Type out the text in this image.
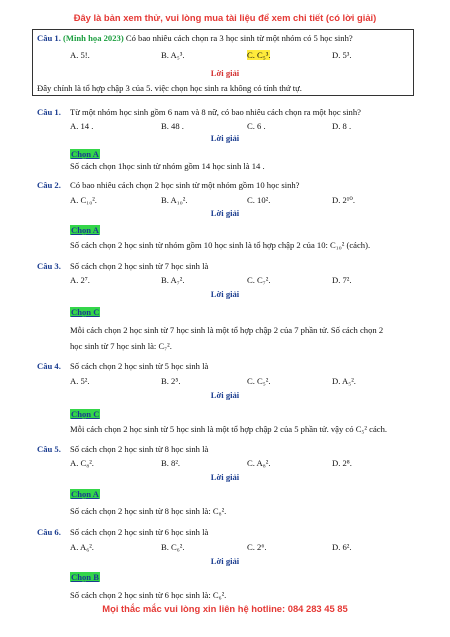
Đây là bản xem thử, vui lòng mua tài liệu để xem chi tiết (có lời giải)
Câu 1. (Minh họa 2023) Có bao nhiêu cách chọn ra 3 học sinh từ một nhóm có 5 học sinh?
A. 5!.	B. A₅³.	C. C₅³.	D. 5³.
Lời giải
Đây chính là tổ hợp chập 3 của 5. việc chọn học sinh ra không có tính thứ tự.
Câu 1. Từ một nhóm học sinh gồm 6 nam và 8 nữ, có bao nhiêu cách chọn ra một học sinh?
A. 14 .	B. 48 .	C. 6 .	D. 8 .
Lời giải
Chọn A
Số cách chọn 1học sinh từ nhóm gồm 14 học sinh là 14 .
Câu 2. Có bao nhiêu cách chọn 2 học sinh từ một nhóm gồm 10 học sinh?
A. C₁₀².	B. A₁₀².	C. 10².	D. 2¹⁰.
Lời giải
Chọn A
Số cách chọn 2 học sinh từ nhóm gồm 10 học sinh là tổ hợp chập 2 của 10: C₁₀² (cách).
Câu 3. Số cách chọn 2 học sinh từ 7 học sinh là
A. 2⁷.	B. A₇².	C. C₇².	D. 7².
Lời giải
Chọn C
Mỗi cách chọn 2 học sinh từ 7 học sinh là một tổ hợp chập 2 của 7 phần tử. Số cách chọn 2
học sinh từ 7 học sinh là: C₇².
Câu 4. Số cách chọn 2 học sinh từ 5 học sinh là
A. 5².	B. 2⁵.	C. C₅².	D. A₅².
Lời giải
Chọn C
Mỗi cách chọn 2 học sinh từ 5 học sinh là một tổ hợp chập 2 của 5 phần tử. vậy có C₅² cách.
Câu 5. Số cách chọn 2 học sinh từ 8 học sinh là
A. C₈².	B. 8².	C. A₈².	D. 2⁸.
Lời giải
Chọn A
Số cách chọn 2 học sinh từ 8 học sinh là: C₈².
Câu 6. Số cách chọn 2 học sinh từ 6 học sinh là
A. A₆².	B. C₆².	C. 2⁶.	D. 6².
Lời giải
Chọn B
Số cách chọn 2 học sinh từ 6 học sinh là: C₆².
Mọi thắc mắc vui lòng xin liên hệ hotline: 084 283 45 85
